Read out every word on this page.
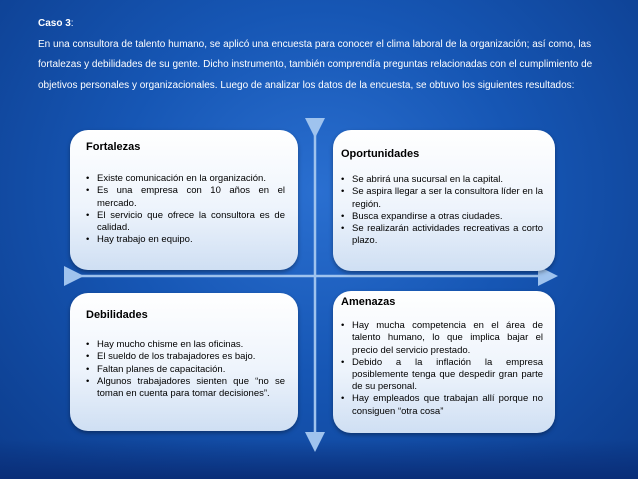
Caso 3:
En una consultora de talento humano, se aplicó una encuesta para conocer el clima laboral de la organización; así como, las fortalezas y debilidades de su gente. Dicho instrumento, también comprendía preguntas relacionadas con el cumplimiento de objetivos personales y organizacionales. Luego de analizar los datos de la encuesta, se obtuvo los siguientes resultados:
Fortalezas
• Existe comunicación en la organización.
• Es una empresa con 10 años en el mercado.
• El servicio que ofrece la consultora es de calidad.
• Hay trabajo en equipo.
Oportunidades
• Se abrirá una sucursal en la capital.
• Se aspira llegar a ser la consultora líder en la región.
• Busca expandirse a otras ciudades.
• Se realizarán actividades recreativas a corto plazo.
Debilidades
• Hay mucho chisme en las oficinas.
• El sueldo de los trabajadores es bajo.
• Faltan planes de capacitación.
• Algunos trabajadores sienten que “no se toman en cuenta para tomar decisiones”.
Amenazas
• Hay mucha competencia en el área de talento humano, lo que implica bajar el precio del servicio prestado.
• Debido a la inflación la empresa posiblemente tenga que despedir gran parte de su personal.
• Hay empleados que trabajan allí porque no consiguen “otra cosa”
